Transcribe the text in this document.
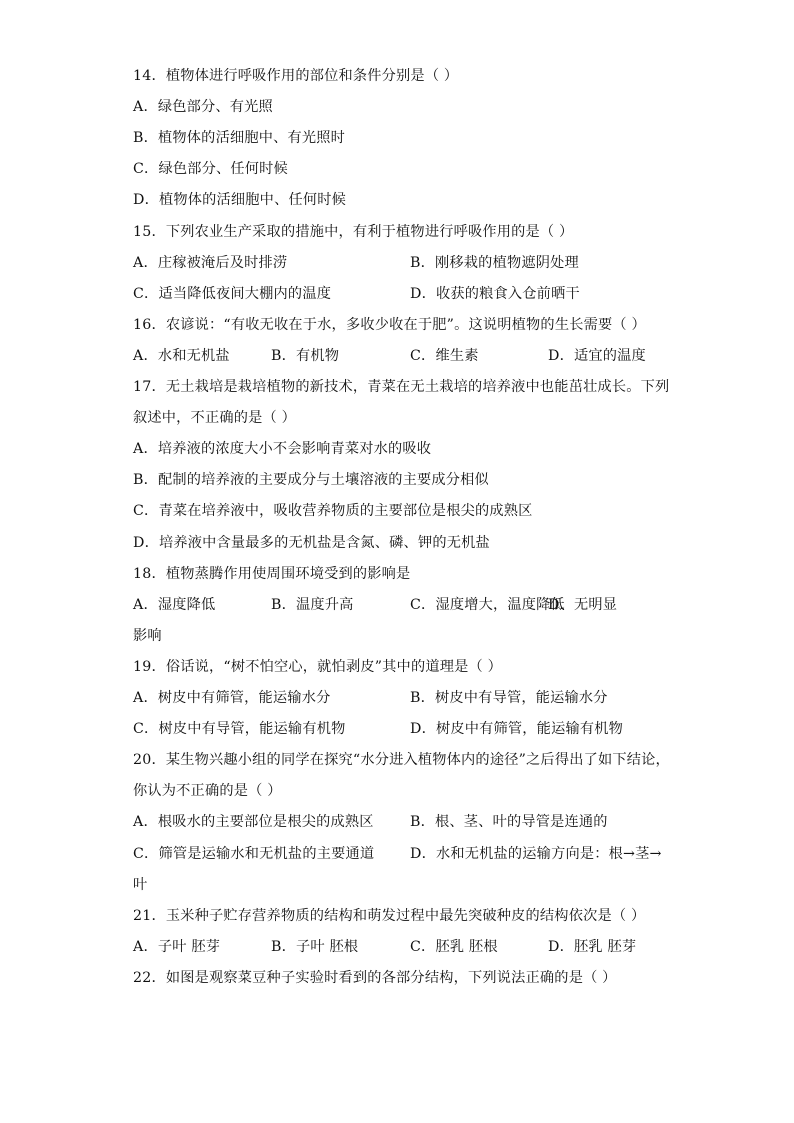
14．植物体进行呼吸作用的部位和条件分别是（ ）
A．绿色部分、有光照
B．植物体的活细胞中、有光照时
C．绿色部分、任何时候
D．植物体的活细胞中、任何时候
15．下列农业生产采取的措施中，有利于植物进行呼吸作用的是（ ）
A．庄稼被淹后及时排涝	B．刚移栽的植物遮阴处理
C．适当降低夜间大棚内的温度	D．收获的粮食入仓前晒干
16．农谚说：“有收无收在于水，多收少收在于肥”。这说明植物的生长需要（ ）
A．水和无机盐	B．有机物	C．维生素	D．适宜的温度
17．无土栽培是栽培植物的新技术，青菜在无土栽培的培养液中也能茁壮成长。下列
叙述中，不正确的是（ ）
A．培养液的浓度大小不会影响青菜对水的吸收
B．配制的培养液的主要成分与土壤溶液的主要成分相似
C．青菜在培养液中，吸收营养物质的主要部位是根尖的成熟区
D．培养液中含量最多的无机盐是含氮、磷、钾的无机盐
18．植物蒸腾作用使周围环境受到的影响是
A．湿度降低	B．温度升高	C．湿度增大，温度降低
D．无明显
影响
19．俗话说，“树不怕空心，就怕剥皮”其中的道理是（ ）
A．树皮中有筛管，能运输水分	B．树皮中有导管，能运输水分
C．树皮中有导管，能运输有机物	D．树皮中有筛管，能运输有机物
20．某生物兴趣小组的同学在探究“水分进入植物体内的途径”之后得出了如下结论，
你认为不正确的是（ ）
A．根吸水的主要部位是根尖的成熟区	B．根、茎、叶的导管是连通的
C．筛管是运输水和无机盐的主要通道	D．水和无机盐的运输方向是：根→茎→
叶
21．玉米种子贮存营养物质的结构和萌发过程中最先突破种皮的结构依次是（ ）
A．子叶 胚芽	B．子叶 胚根	C．胚乳 胚根	D．胚乳 胚芽
22．如图是观察菜豆种子实验时看到的各部分结构，下列说法正确的是（ ）
